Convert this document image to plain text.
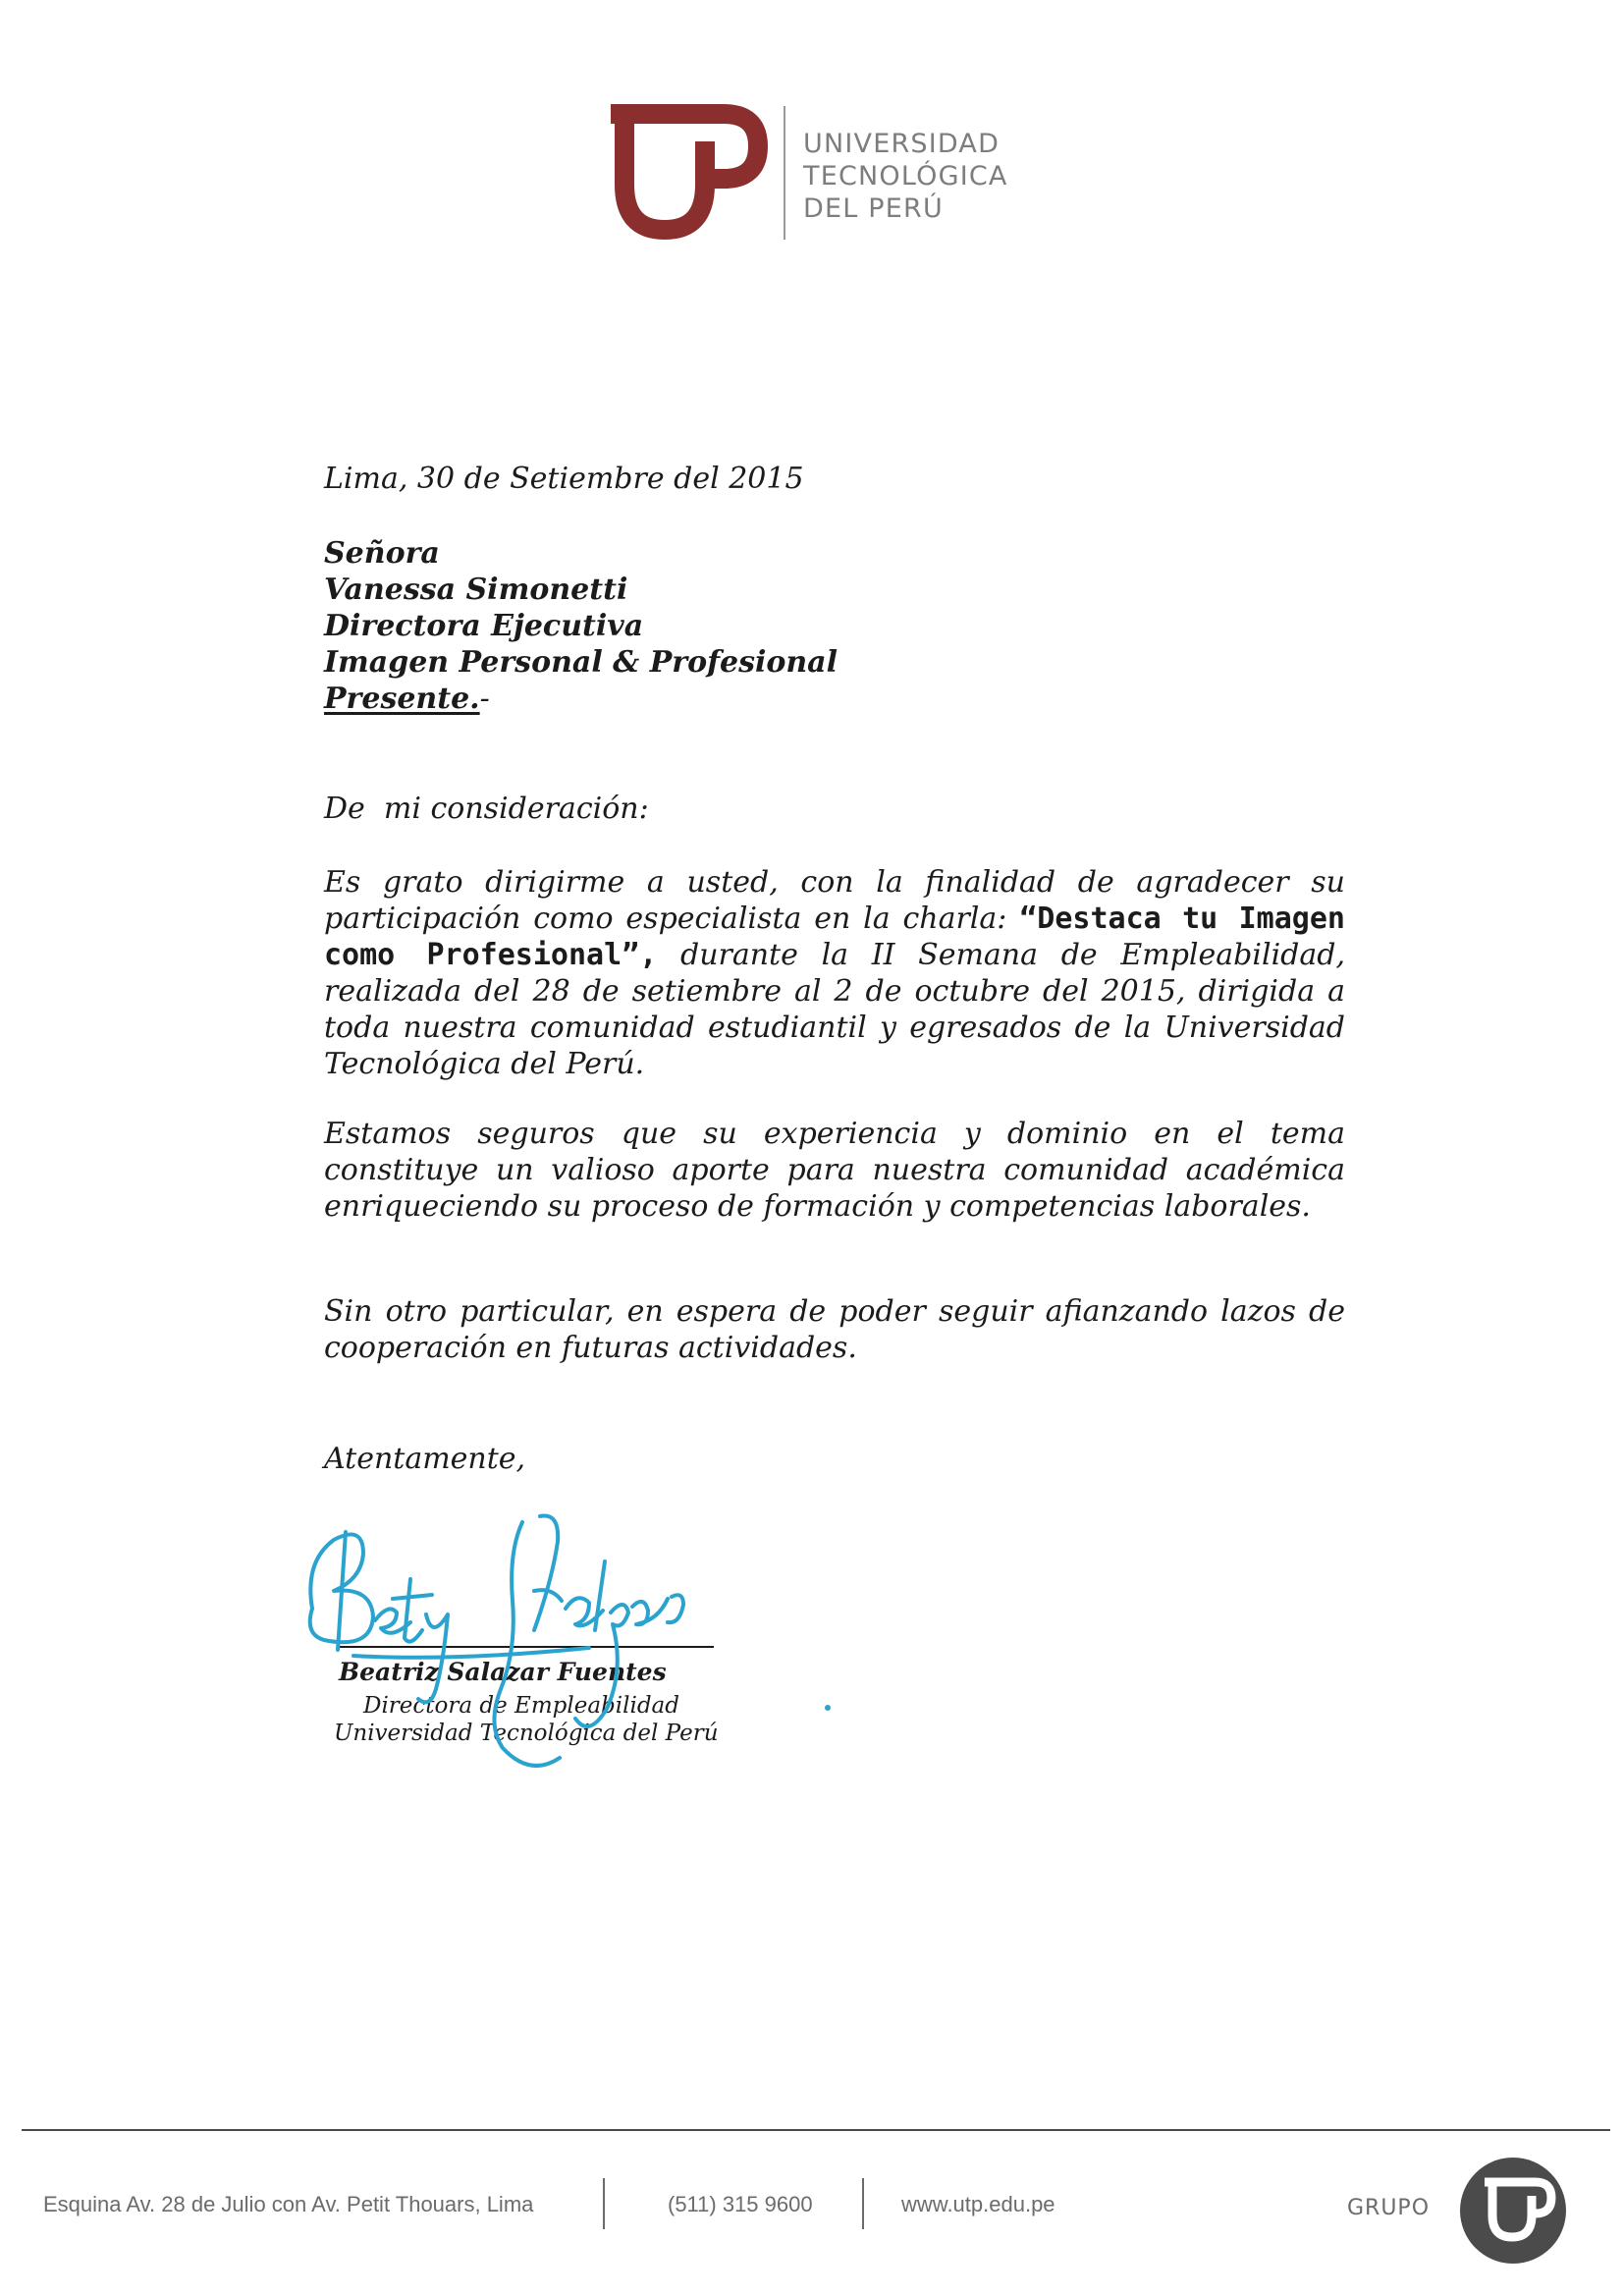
UNIVERSIDAD
TECNOLÓGICA
DEL PERÚ
Lima, 30 de Setiembre del 2015
Señora
Vanessa Simonetti
Directora Ejecutiva
Imagen Personal & Profesional
Presente.-
De  mi consideración:
Es grato dirigirme a usted, con la finalidad de agradecer su participación como especialista en la charla: “Destaca tu Imagen como Profesional”, durante la II Semana de Empleabilidad, realizada del 28 de setiembre al 2 de octubre del 2015, dirigida a toda nuestra comunidad estudiantil y egresados de la Universidad Tecnológica del Perú.
Estamos seguros que su experiencia y dominio en el tema constituye un valioso aporte para nuestra comunidad académica enriqueciendo su proceso de formación y competencias laborales.
Sin otro particular, en espera de poder seguir afianzando lazos de cooperación en futuras actividades.
Atentamente,
Beatriz Salazar Fuentes
Directora de Empleabilidad
Universidad Tecnológica del Perú
Esquina Av. 28 de Julio con Av. Petit Thouars, Lima	(511) 315 9600	www.utp.edu.pe	GRUPO
